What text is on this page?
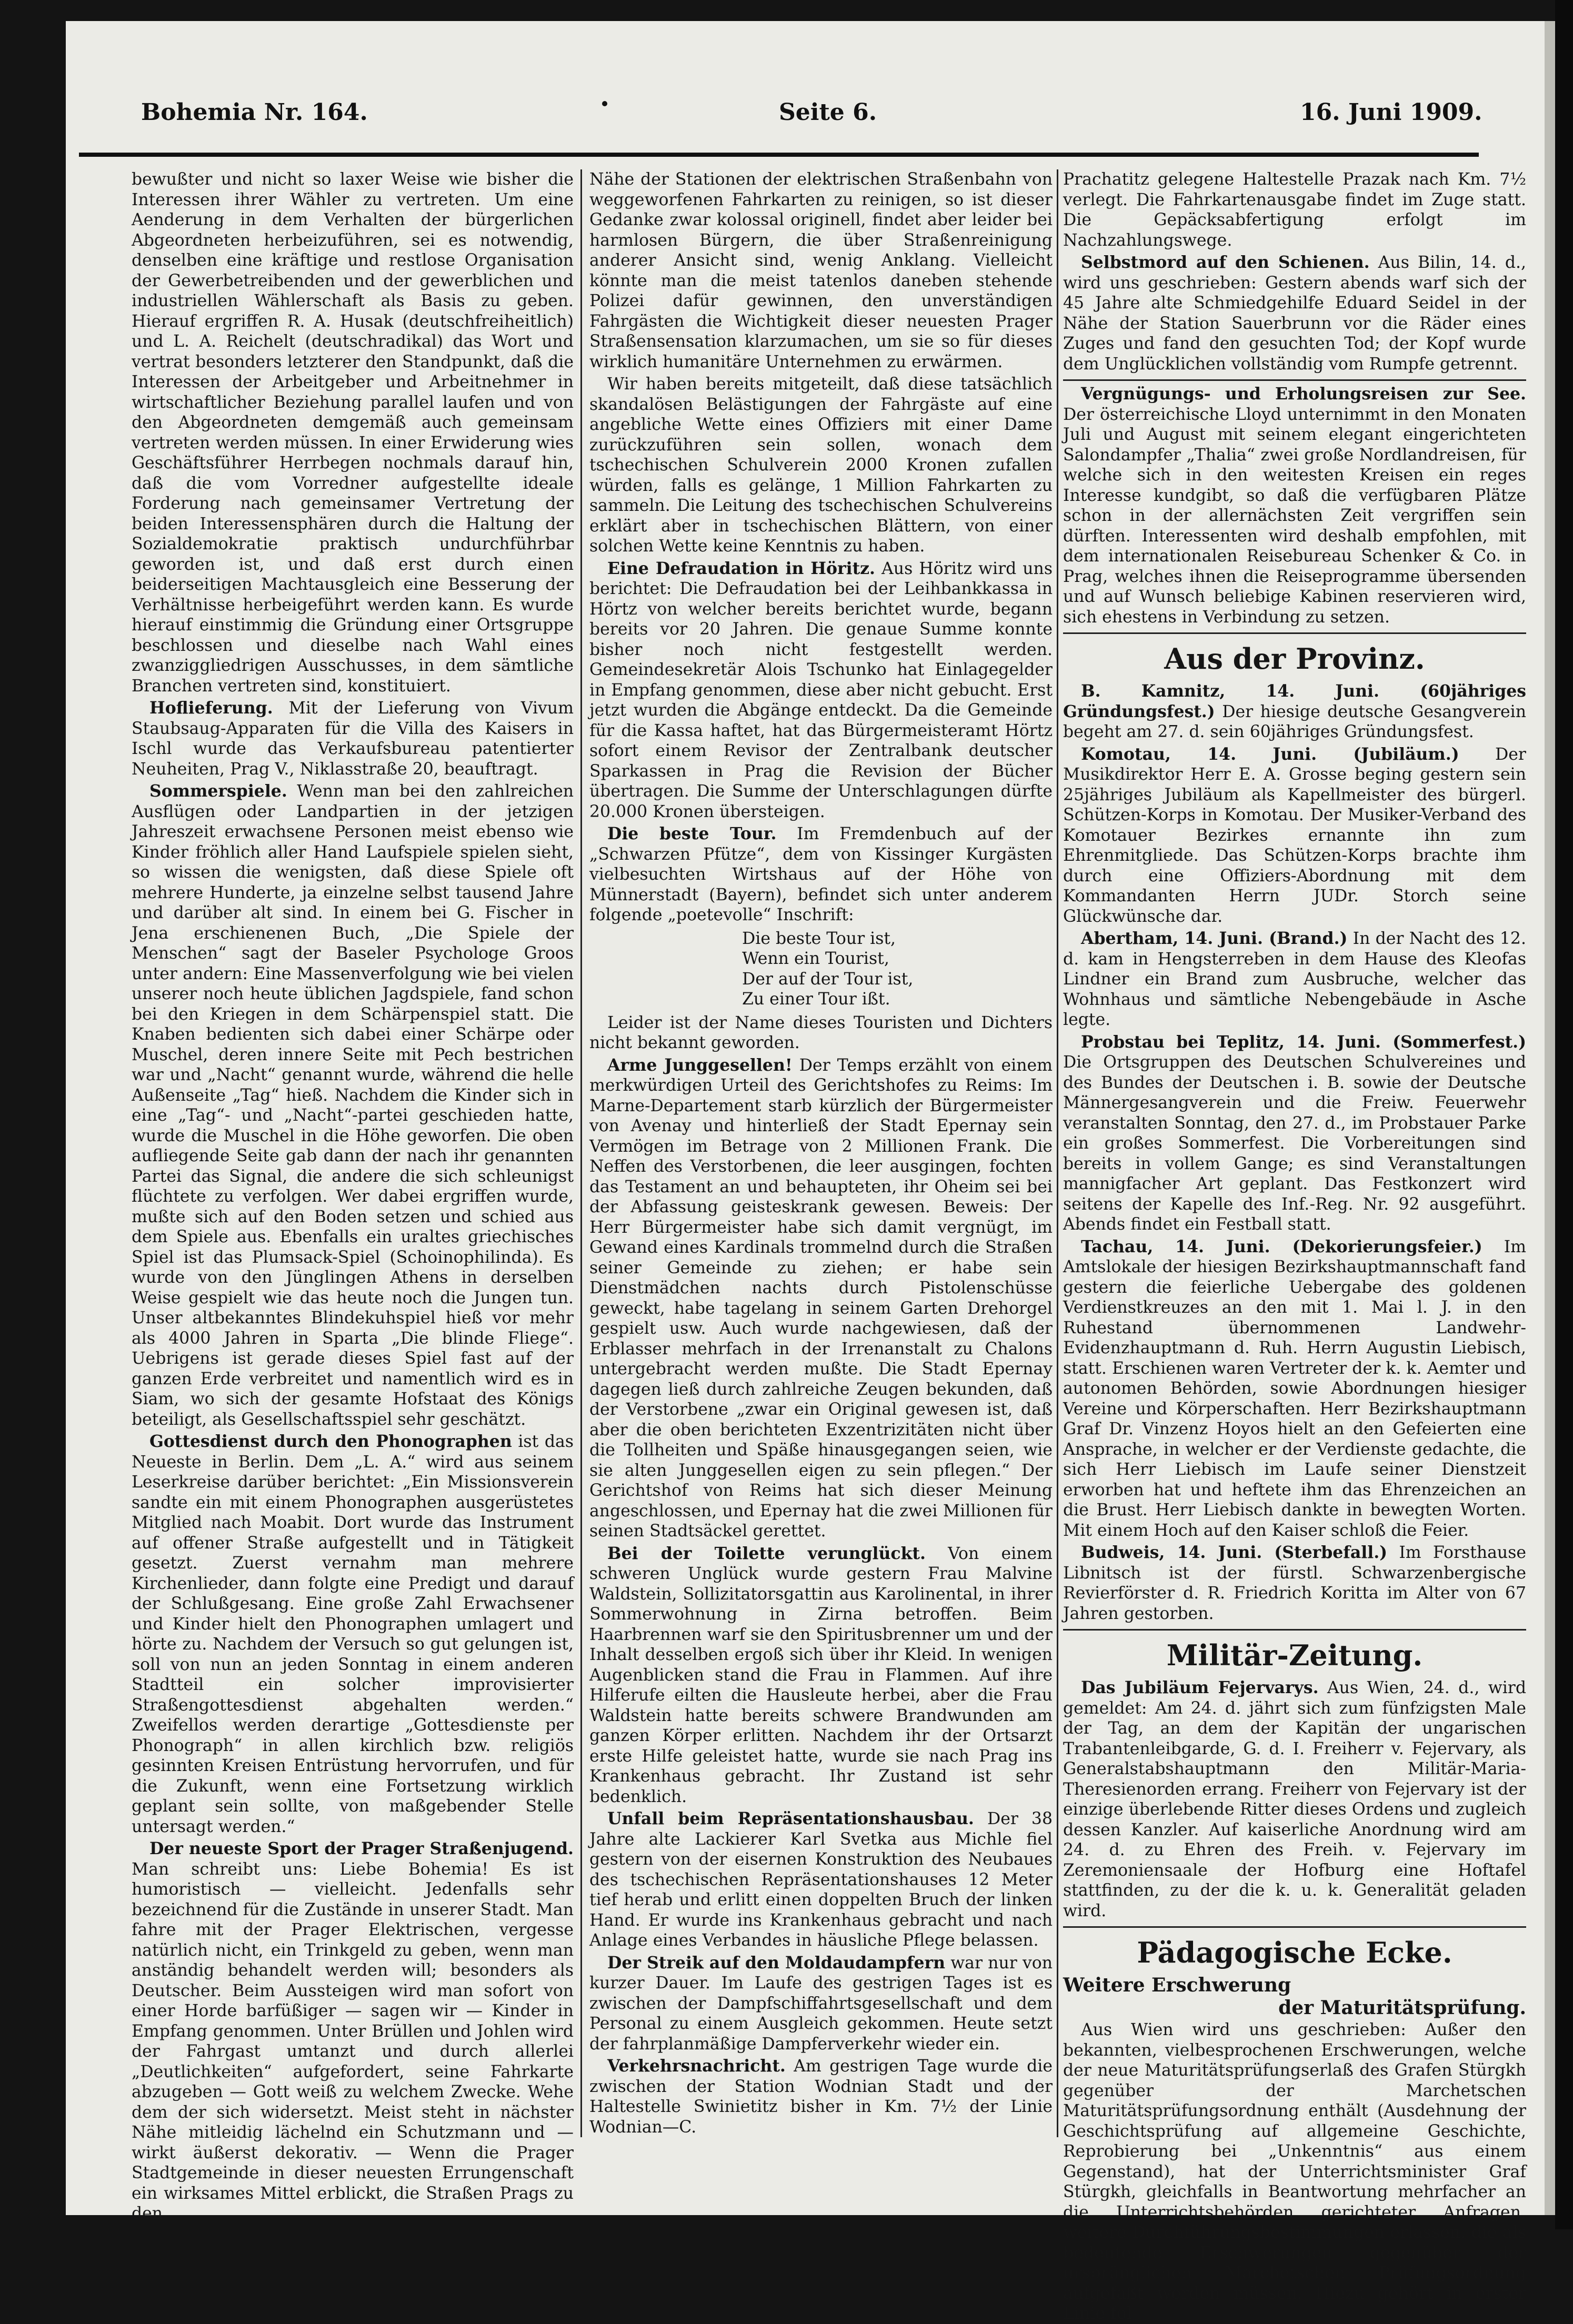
Bohemia Nr. 164.	Seite 6.	16. Juni 1909.

bewußter und nicht so laxer Weise wie bisher die Interessen ihrer Wähler zu vertreten. Um eine Aenderung in dem Verhalten der bürgerlichen Abgeordneten herbeizuführen, sei es notwendig, denselben eine kräftige und restlose Organisation der Gewerbetreibenden und der gewerblichen und industriellen Wählerschaft als Basis zu geben. Hierauf ergriffen R. A. Husak (deutschfreiheitlich) und L. A. Reichelt (deutschradikal) das Wort und vertrat besonders letzterer den Standpunkt, daß die Interessen der Arbeitgeber und Arbeitnehmer in wirtschaftlicher Beziehung parallel laufen und von den Abgeordneten demgemäß auch gemeinsam vertreten werden müssen. In einer Erwiderung wies Geschäftsführer Herrbegen nochmals darauf hin, daß die vom Vorredner aufgestellte ideale Forderung nach gemeinsamer Vertretung der beiden Interessensphären durch die Haltung der Sozialdemokratie praktisch undurchführbar geworden ist, und daß erst durch einen beiderseitigen Machtausgleich eine Besserung der Verhältnisse herbeigeführt werden kann. Es wurde hierauf einstimmig die Gründung einer Ortsgruppe beschlossen und dieselbe nach Wahl eines zwanziggliedrigen Ausschusses, in dem sämtliche Branchen vertreten sind, konstituiert.

Hoflieferung. Mit der Lieferung von Vivum Staubsaug-Apparaten für die Villa des Kaisers in Ischl wurde das Verkaufsbureau patentierter Neuheiten, Prag V., Niklasstraße 20, beauftragt.

Sommerspiele. Wenn man bei den zahlreichen Ausflügen oder Landpartien in der jetzigen Jahreszeit erwachsene Personen meist ebenso wie Kinder fröhlich aller Hand Laufspiele spielen sieht, so wissen die wenigsten, daß diese Spiele oft mehrere Hunderte, ja einzelne selbst tausend Jahre und darüber alt sind. In einem bei G. Fischer in Jena erschienenen Buch, „Die Spiele der Menschen“ sagt der Baseler Psychologe Groos unter andern: Eine Massenverfolgung wie bei vielen unserer noch heute üblichen Jagdspiele, fand schon bei den Kriegen in dem Schärpenspiel statt. Die Knaben bedienten sich dabei einer Schärpe oder Muschel, deren innere Seite mit Pech bestrichen war und „Nacht“ genannt wurde, während die helle Außenseite „Tag“ hieß. Nachdem die Kinder sich in eine „Tag“- und „Nacht“-partei geschieden hatte, wurde die Muschel in die Höhe geworfen. Die oben aufliegende Seite gab dann der nach ihr genannten Partei das Signal, die andere die sich schleunigst flüchtete zu verfolgen. Wer dabei ergriffen wurde, mußte sich auf den Boden setzen und schied aus dem Spiele aus. Ebenfalls ein uraltes griechisches Spiel ist das Plumsack-Spiel (Schoinophilinda). Es wurde von den Jünglingen Athens in derselben Weise gespielt wie das heute noch die Jungen tun. Unser altbekanntes Blindekuhspiel hieß vor mehr als 4000 Jahren in Sparta „Die blinde Fliege“. Uebrigens ist gerade dieses Spiel fast auf der ganzen Erde verbreitet und namentlich wird es in Siam, wo sich der gesamte Hofstaat des Königs beteiligt, als Gesellschaftsspiel sehr geschätzt.

Gottesdienst durch den Phonographen ist das Neueste in Berlin. Dem „L. A.“ wird aus seinem Leserkreise darüber berichtet: „Ein Missionsverein sandte ein mit einem Phonographen ausgerüstetes Mitglied nach Moabit. Dort wurde das Instrument auf offener Straße aufgestellt und in Tätigkeit gesetzt. Zuerst vernahm man mehrere Kirchenlieder, dann folgte eine Predigt und darauf der Schlußgesang. Eine große Zahl Erwachsener und Kinder hielt den Phonographen umlagert und hörte zu. Nachdem der Versuch so gut gelungen ist, soll von nun an jeden Sonntag in einem anderen Stadtteil ein solcher improvisierter Straßengottesdienst abgehalten werden.“ Zweifellos werden derartige „Gottesdienste per Phonograph“ in allen kirchlich bzw. religiös gesinnten Kreisen Entrüstung hervorrufen, und für die Zukunft, wenn eine Fortsetzung wirklich geplant sein sollte, von maßgebender Stelle untersagt werden.“

Der neueste Sport der Prager Straßenjugend. Man schreibt uns: Liebe Bohemia! Es ist humoristisch — vielleicht. Jedenfalls sehr bezeichnend für die Zustände in unserer Stadt. Man fahre mit der Prager Elektrischen, vergesse natürlich nicht, ein Trinkgeld zu geben, wenn man anständig behandelt werden will; besonders als Deutscher. Beim Aussteigen wird man sofort von einer Horde barfüßiger — sagen wir — Kinder in Empfang genommen. Unter Brüllen und Johlen wird der Fahrgast umtanzt und durch allerlei „Deutlichkeiten“ aufgefordert, seine Fahrkarte abzugeben — Gott weiß zu welchem Zwecke. Wehe dem der sich widersetzt. Meist steht in nächster Nähe mitleidig lächelnd ein Schutzmann und — wirkt äußerst dekorativ. — Wenn die Prager Stadtgemeinde in dieser neuesten Errungenschaft ein wirksames Mittel erblickt, die Straßen Prags zu den

Nähe der Stationen der elektrischen Straßenbahn von weggeworfenen Fahrkarten zu reinigen, so ist dieser Gedanke zwar kolossal originell, findet aber leider bei harmlosen Bürgern, die über Straßenreinigung anderer Ansicht sind, wenig Anklang. Vielleicht könnte man die meist tatenlos daneben stehende Polizei dafür gewinnen, den unverständigen Fahrgästen die Wichtigkeit dieser neuesten Prager Straßensensation klarzumachen, um sie so für dieses wirklich humanitäre Unternehmen zu erwärmen.

Wir haben bereits mitgeteilt, daß diese tatsächlich skandalösen Belästigungen der Fahrgäste auf eine angebliche Wette eines Offiziers mit einer Dame zurückzuführen sein sollen, wonach dem tschechischen Schulverein 2000 Kronen zufallen würden, falls es gelänge, 1 Million Fahrkarten zu sammeln. Die Leitung des tschechischen Schulvereins erklärt aber in tschechischen Blättern, von einer solchen Wette keine Kenntnis zu haben.

Eine Defraudation in Höritz. Aus Höritz wird uns berichtet: Die Defraudation bei der Leihbankkassa in Hörtz von welcher bereits berichtet wurde, begann bereits vor 20 Jahren. Die genaue Summe konnte bisher noch nicht festgestellt werden. Gemeindesekretär Alois Tschunko hat Einlagegelder in Empfang genommen, diese aber nicht gebucht. Erst jetzt wurden die Abgänge entdeckt. Da die Gemeinde für die Kassa haftet, hat das Bürgermeisteramt Hörtz sofort einem Revisor der Zentralbank deutscher Sparkassen in Prag die Revision der Bücher übertragen. Die Summe der Unterschlagungen dürfte 20.000 Kronen übersteigen.

Die beste Tour. Im Fremdenbuch auf der „Schwarzen Pfütze“, dem von Kissinger Kurgästen vielbesuchten Wirtshaus auf der Höhe von Münnerstadt (Bayern), befindet sich unter anderem folgende „poetevolle“ Inschrift:

Die beste Tour ist,
Wenn ein Tourist,
Der auf der Tour ist,
Zu einer Tour ißt.

Leider ist der Name dieses Touristen und Dichters nicht bekannt geworden.

Arme Junggesellen! Der Temps erzählt von einem merkwürdigen Urteil des Gerichtshofes zu Reims: Im Marne-Departement starb kürzlich der Bürgermeister von Avenay und hinterließ der Stadt Epernay sein Vermögen im Betrage von 2 Millionen Frank. Die Neffen des Verstorbenen, die leer ausgingen, fochten das Testament an und behaupteten, ihr Oheim sei bei der Abfassung geisteskrank gewesen. Beweis: Der Herr Bürgermeister habe sich damit vergnügt, im Gewand eines Kardinals trommelnd durch die Straßen seiner Gemeinde zu ziehen; er habe sein Dienstmädchen nachts durch Pistolenschüsse geweckt, habe tagelang in seinem Garten Drehorgel gespielt usw. Auch wurde nachgewiesen, daß der Erblasser mehrfach in der Irrenanstalt zu Chalons untergebracht werden mußte. Die Stadt Epernay dagegen ließ durch zahlreiche Zeugen bekunden, daß der Verstorbene „zwar ein Original gewesen ist, daß aber die oben berichteten Exzentrizitäten nicht über die Tollheiten und Späße hinausgegangen seien, wie sie alten Junggesellen eigen zu sein pflegen.“ Der Gerichtshof von Reims hat sich dieser Meinung angeschlossen, und Epernay hat die zwei Millionen für seinen Stadtsäckel gerettet.

Bei der Toilette verunglückt. Von einem schweren Unglück wurde gestern Frau Malvine Waldstein, Sollizitatorsgattin aus Karolinental, in ihrer Sommerwohnung in Zirna betroffen. Beim Haarbrennen warf sie den Spiritusbrenner um und der Inhalt desselben ergoß sich über ihr Kleid. In wenigen Augenblicken stand die Frau in Flammen. Auf ihre Hilferufe eilten die Hausleute herbei, aber die Frau Waldstein hatte bereits schwere Brandwunden am ganzen Körper erlitten. Nachdem ihr der Ortsarzt erste Hilfe geleistet hatte, wurde sie nach Prag ins Krankenhaus gebracht. Ihr Zustand ist sehr bedenklich.

Unfall beim Repräsentationshausbau. Der 38 Jahre alte Lackierer Karl Svetka aus Michle fiel gestern von der eisernen Konstruktion des Neubaues des tschechischen Repräsentationshauses 12 Meter tief herab und erlitt einen doppelten Bruch der linken Hand. Er wurde ins Krankenhaus gebracht und nach Anlage eines Verbandes in häusliche Pflege belassen.

Der Streik auf den Moldaudampfern war nur von kurzer Dauer. Im Laufe des gestrigen Tages ist es zwischen der Dampfschiffahrtsgesellschaft und dem Personal zu einem Ausgleich gekommen. Heute setzt der fahrplanmäßige Dampferverkehr wieder ein.

Verkehrsnachricht. Am gestrigen Tage wurde die zwischen der Station Wodnian Stadt und der Haltestelle Swinietitz bisher in Km. 7½ der Linie Wodnian—C.

Prachatitz gelegene Haltestelle Prazak nach Km. 7½ verlegt. Die Fahrkartenausgabe findet im Zuge statt. Die Gepäcksabfertigung erfolgt im Nachzahlungswege.

Selbstmord auf den Schienen. Aus Bilin, 14. d., wird uns geschrieben: Gestern abends warf sich der 45 Jahre alte Schmiedgehilfe Eduard Seidel in der Nähe der Station Sauerbrunn vor die Räder eines Zuges und fand den gesuchten Tod; der Kopf wurde dem Unglücklichen vollständig vom Rumpfe getrennt.

Vergnügungs- und Erholungsreisen zur See. Der österreichische Lloyd unternimmt in den Monaten Juli und August mit seinem elegant eingerichteten Salondampfer „Thalia“ zwei große Nordlandreisen, für welche sich in den weitesten Kreisen ein reges Interesse kundgibt, so daß die verfügbaren Plätze schon in der allernächsten Zeit vergriffen sein dürften. Interessenten wird deshalb empfohlen, mit dem internationalen Reisebureau Schenker & Co. in Prag, welches ihnen die Reiseprogramme übersenden und auf Wunsch beliebige Kabinen reservieren wird, sich ehestens in Verbindung zu setzen.

Aus der Provinz.

B. Kamnitz, 14. Juni. (60jähriges Gründungsfest.) Der hiesige deutsche Gesangverein begeht am 27. d. sein 60jähriges Gründungsfest.

Komotau, 14. Juni. (Jubiläum.) Der Musikdirektor Herr E. A. Grosse beging gestern sein 25jähriges Jubiläum als Kapellmeister des bürgerl. Schützen-Korps in Komotau. Der Musiker-Verband des Komotauer Bezirkes ernannte ihn zum Ehrenmitgliede. Das Schützen-Korps brachte ihm durch eine Offiziers-Abordnung mit dem Kommandanten Herrn JUDr. Storch seine Glückwünsche dar.

Abertham, 14. Juni. (Brand.) In der Nacht des 12. d. kam in Hengsterreben in dem Hause des Kleofas Lindner ein Brand zum Ausbruche, welcher das Wohnhaus und sämtliche Nebengebäude in Asche legte.

Probstau bei Teplitz, 14. Juni. (Sommerfest.) Die Ortsgruppen des Deutschen Schulvereines und des Bundes der Deutschen i. B. sowie der Deutsche Männergesangverein und die Freiw. Feuerwehr veranstalten Sonntag, den 27. d., im Probstauer Parke ein großes Sommerfest. Die Vorbereitungen sind bereits in vollem Gange; es sind Veranstaltungen mannigfacher Art geplant. Das Festkonzert wird seitens der Kapelle des Inf.-Reg. Nr. 92 ausgeführt. Abends findet ein Festball statt.

Tachau, 14. Juni. (Dekorierungsfeier.) Im Amtslokale der hiesigen Bezirkshauptmannschaft fand gestern die feierliche Uebergabe des goldenen Verdienstkreuzes an den mit 1. Mai l. J. in den Ruhestand übernommenen Landwehr-Evidenzhauptmann d. Ruh. Herrn Augustin Liebisch, statt. Erschienen waren Vertreter der k. k. Aemter und autonomen Behörden, sowie Abordnungen hiesiger Vereine und Körperschaften. Herr Bezirkshauptmann Graf Dr. Vinzenz Hoyos hielt an den Gefeierten eine Ansprache, in welcher er der Verdienste gedachte, die sich Herr Liebisch im Laufe seiner Dienstzeit erworben hat und heftete ihm das Ehrenzeichen an die Brust. Herr Liebisch dankte in bewegten Worten. Mit einem Hoch auf den Kaiser schloß die Feier.

Budweis, 14. Juni. (Sterbefall.) Im Forsthause Libnitsch ist der fürstl. Schwarzenbergische Revierförster d. R. Friedrich Koritta im Alter von 67 Jahren gestorben.

Militär-Zeitung.

Das Jubiläum Fejervarys. Aus Wien, 24. d., wird gemeldet: Am 24. d. jährt sich zum fünfzigsten Male der Tag, an dem der Kapitän der ungarischen Trabantenleibgarde, G. d. I. Freiherr v. Fejervary, als Generalstabshauptmann den Militär-Maria-Theresienorden errang. Freiherr von Fejervary ist der einzige überlebende Ritter dieses Ordens und zugleich dessen Kanzler. Auf kaiserliche Anordnung wird am 24. d. zu Ehren des Freih. v. Fejervary im Zeremoniensaale der Hofburg eine Hoftafel stattfinden, zu der die k. u. k. Generalität geladen wird.

Pädagogische Ecke.

Weitere Erschwerung

der Maturitätsprüfung.

Aus Wien wird uns geschrieben: Außer den bekannten, vielbesprochenen Erschwerungen, welche der neue Maturitätsprüfungserlaß des Grafen Stürgkh gegenüber der Marchetschen Maturitätsprüfungsordnung enthält (Ausdehnung der Geschichtsprüfung auf allgemeine Geschichte, Reprobierung bei „Unkenntnis“ aus einem Gegenstand), hat der Unterrichtsminister Graf Stürgkh, gleichfalls in Beantwortung mehrfacher an die Unterrichtsbehörden gerichteter Anfragen, weitere Durchführungsbestimmungen erlassen, die als bedeutende Erschwerungen gegenüber der ursprünglichen Marchetschen Prüfungsordnung aufgefaßt werden müssen. Hiezu gehört in erster Linie fol-
